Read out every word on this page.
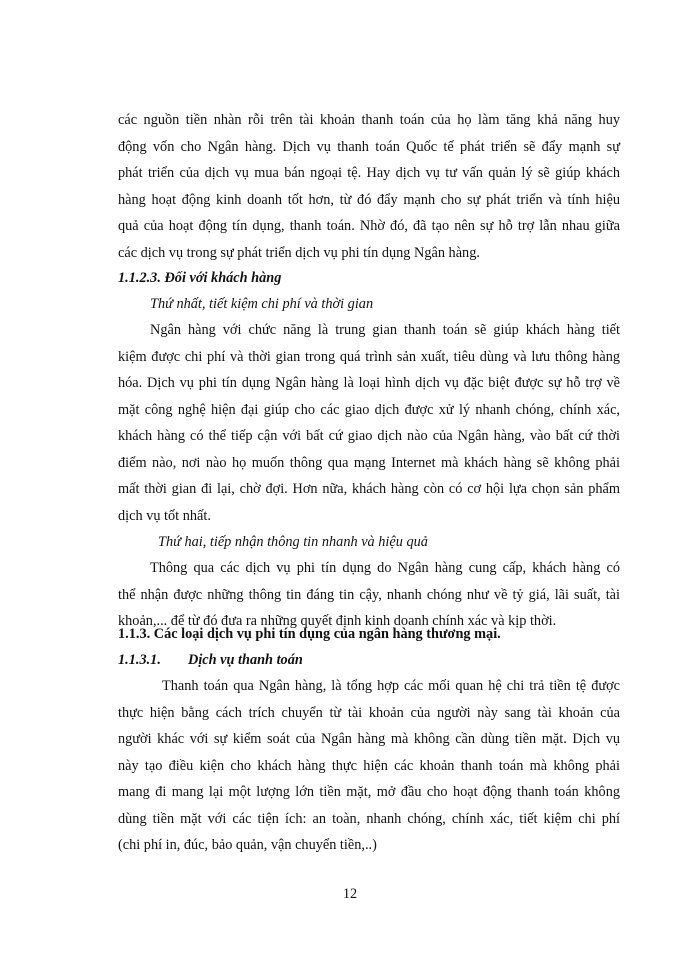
các nguồn tiền nhàn rỗi trên tài khoản thanh toán của họ làm tăng khả năng huy
động vốn cho Ngân hàng. Dịch vụ thanh toán Quốc tế phát triển sẽ đẩy mạnh sự
phát triển của dịch vụ mua bán ngoại tệ. Hay dịch vụ tư vấn quản lý sẽ giúp khách
hàng hoạt động kinh doanh tốt hơn, từ đó đẩy mạnh cho sự phát triển và tính hiệu
quả của hoạt động tín dụng, thanh toán. Nhờ đó, đã tạo nên sự hỗ trợ lẫn nhau giữa
các dịch vụ trong sự phát triển dịch vụ phi tín dụng Ngân hàng.
1.1.2.3. Đối với khách hàng
Thứ nhất, tiết kiệm chi phí và thời gian
Ngân hàng với chức năng là trung gian thanh toán sẽ giúp khách hàng tiết
kiệm được chi phí và thời gian trong quá trình sản xuất, tiêu dùng và lưu thông hàng
hóa. Dịch vụ phi tín dụng Ngân hàng là loại hình dịch vụ đặc biệt được sự hỗ trợ về
mặt công nghệ hiện đại giúp cho các giao dịch được xử lý nhanh chóng, chính xác,
khách hàng có thể tiếp cận với bất cứ giao dịch nào của Ngân hàng, vào bất cứ thời
điểm nào, nơi nào họ muốn thông qua mạng Internet mà khách hàng sẽ không phải
mất thời gian đi lại, chờ đợi. Hơn nữa, khách hàng còn có cơ hội lựa chọn sản phẩm
dịch vụ tốt nhất.
Thứ hai, tiếp nhận thông tin nhanh và hiệu quả
Thông qua các dịch vụ phi tín dụng do Ngân hàng cung cấp, khách hàng có
thể nhận được những thông tin đáng tin cậy, nhanh chóng như về tỷ giá, lãi suất, tài
khoản,... để từ đó đưa ra những quyết định kinh doanh chính xác và kịp thời.
1.1.3. Các loại dịch vụ phi tín dụng của ngân hàng thương mại.
1.1.3.1. Dịch vụ thanh toán
Thanh toán qua Ngân hàng, là tổng hợp các mối quan hệ chi trả tiền tệ được
thực hiện bằng cách trích chuyển từ tài khoản của người này sang tài khoản của
người khác với sự kiểm soát của Ngân hàng mà không cần dùng tiền mặt. Dịch vụ
này tạo điều kiện cho khách hàng thực hiện các khoản thanh toán mà không phải
mang đi mang lại một lượng lớn tiền mặt, mở đầu cho hoạt động thanh toán không
dùng tiền mặt với các tiện ích: an toàn, nhanh chóng, chính xác, tiết kiệm chi phí
(chi phí in, đúc, bảo quản, vận chuyển tiền,..)
12
